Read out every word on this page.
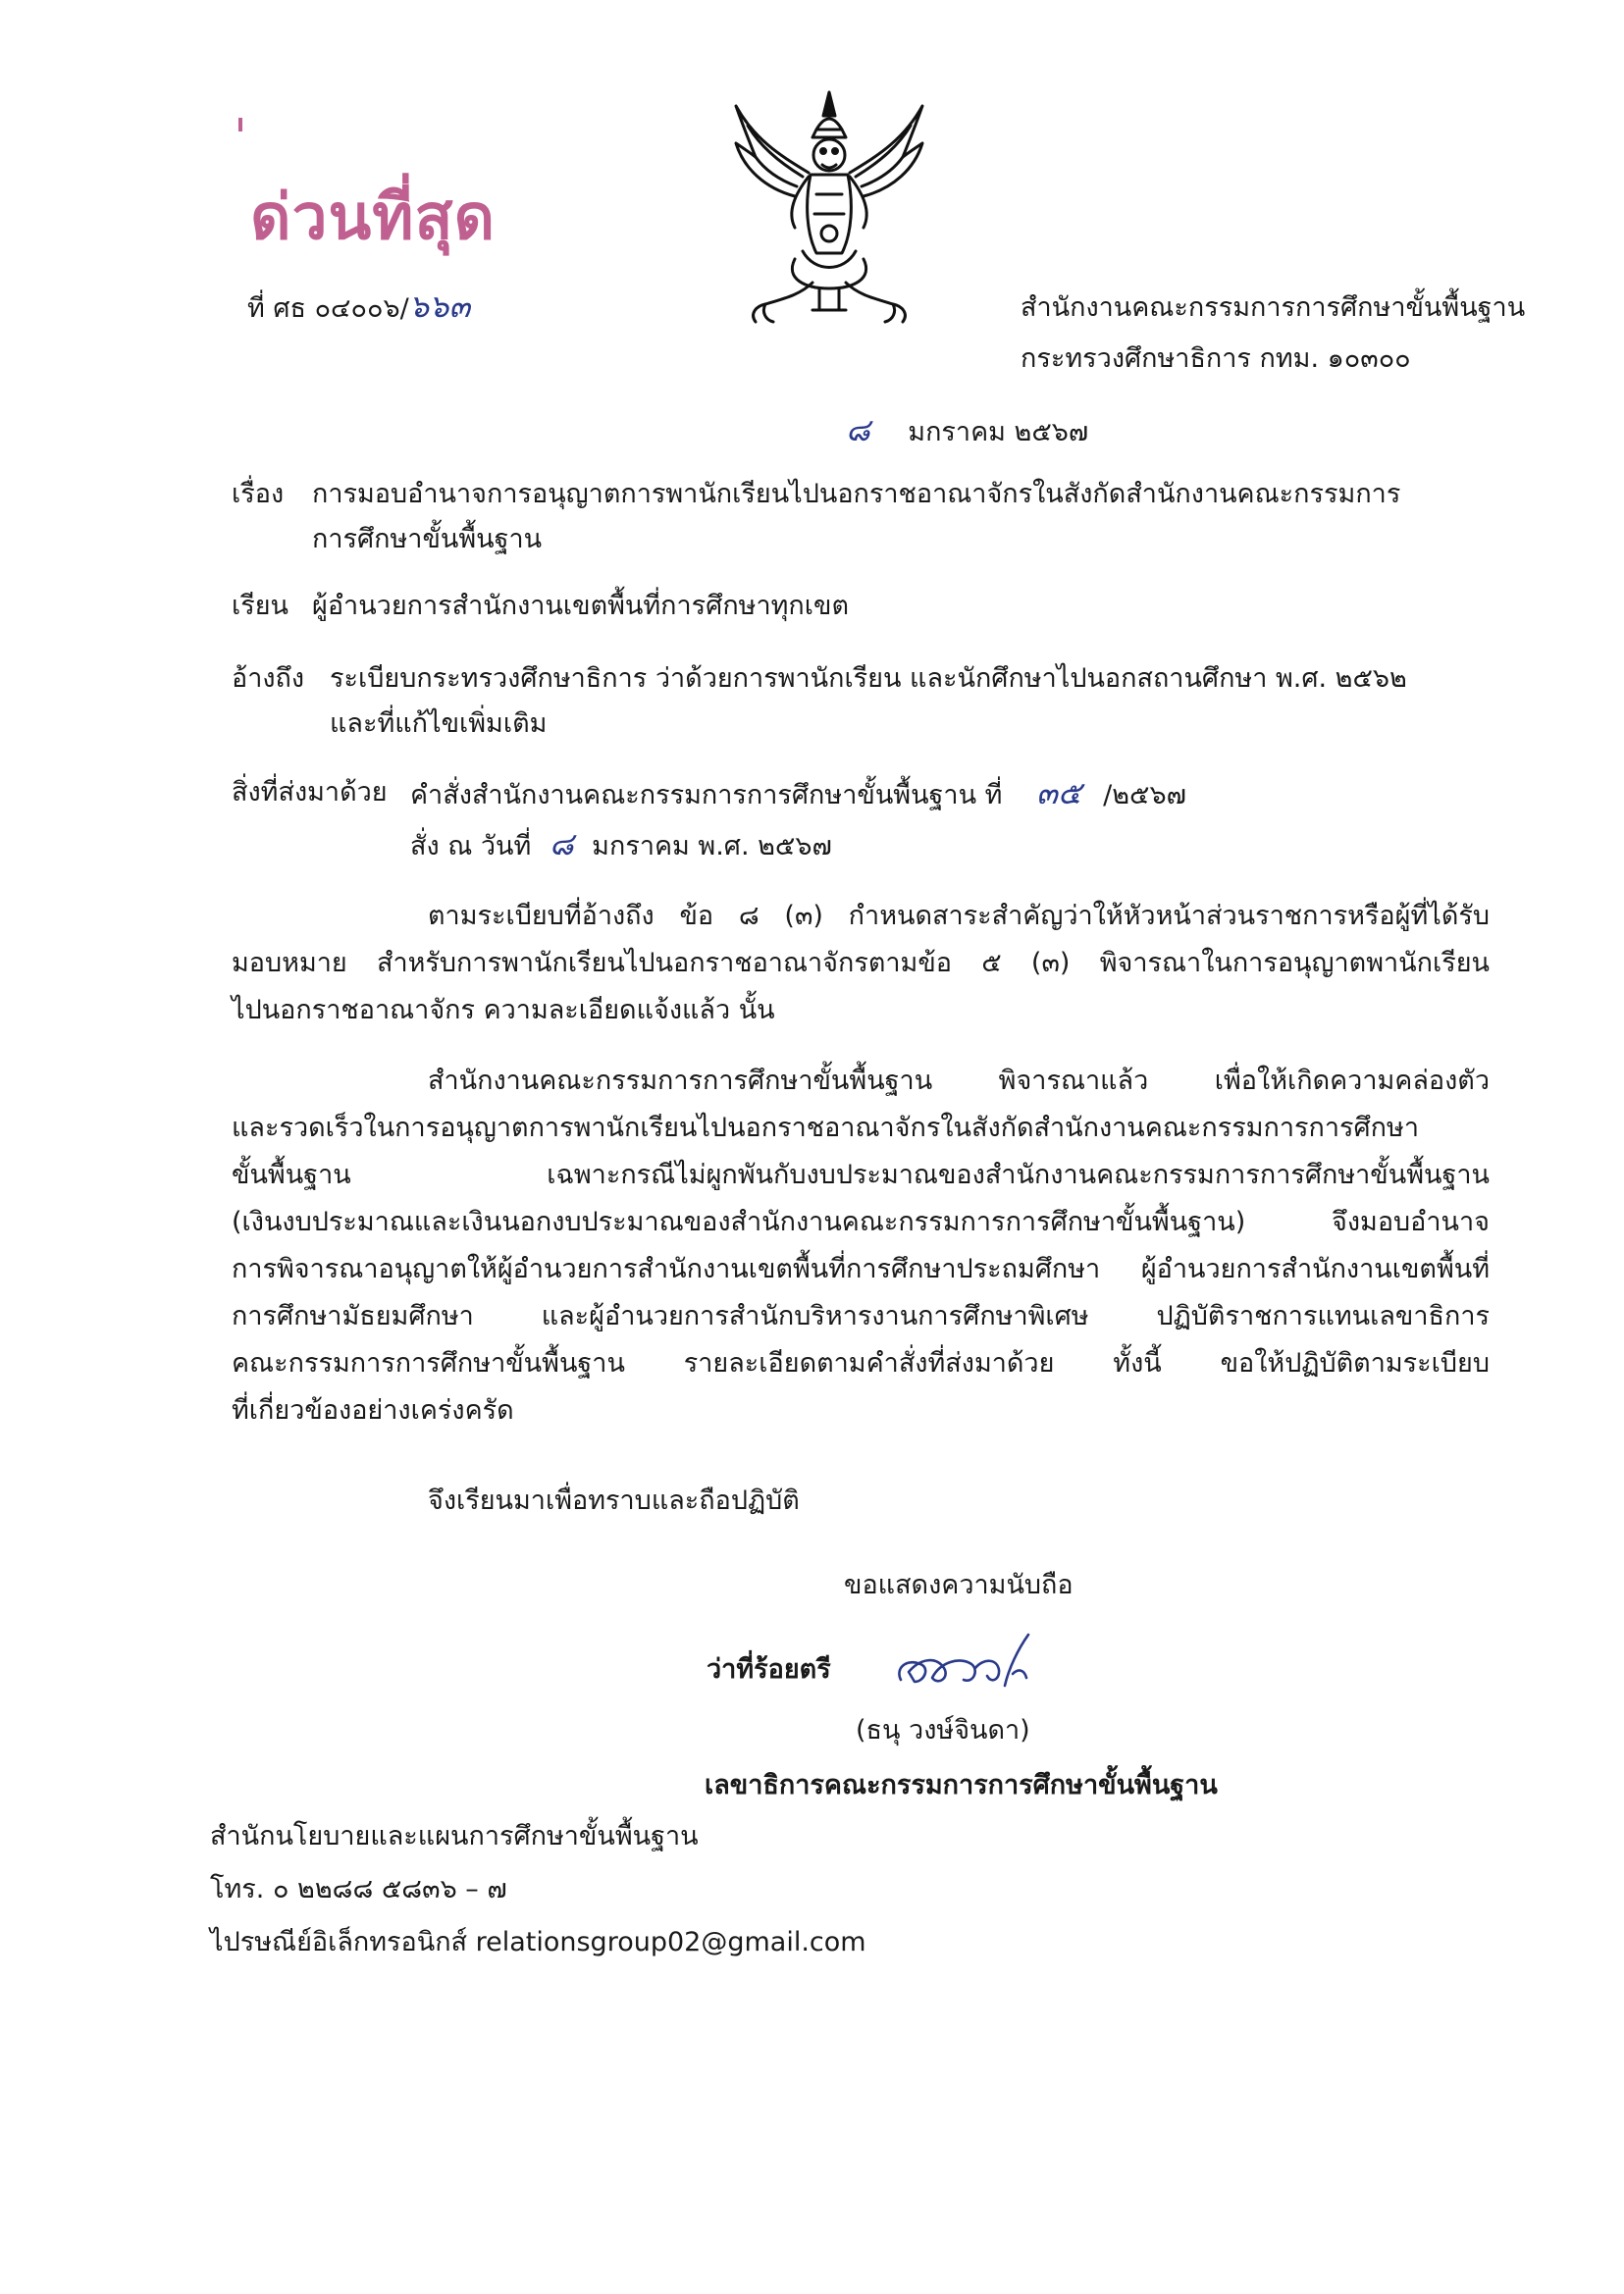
ด่วนที่สุด
ที่ ศธ ๐๔๐๐๖/๖๖๓	สำนักงานคณะกรรมการการศึกษาขั้นพื้นฐาน
กระทรวงศึกษาธิการ กทม. ๑๐๓๐๐
๘ มกราคม ๒๕๖๗
เรื่อง การมอบอำนาจการอนุญาตการพานักเรียนไปนอกราชอาณาจักรในสังกัดสำนักงานคณะกรรมการ
การศึกษาขั้นพื้นฐาน
เรียน ผู้อำนวยการสำนักงานเขตพื้นที่การศึกษาทุกเขต
อ้างถึง ระเบียบกระทรวงศึกษาธิการ ว่าด้วยการพานักเรียน และนักศึกษาไปนอกสถานศึกษา พ.ศ. ๒๕๖๒
และที่แก้ไขเพิ่มเติม
สิ่งที่ส่งมาด้วย คำสั่งสำนักงานคณะกรรมการการศึกษาขั้นพื้นฐาน ที่ ๓๕ /๒๕๖๗
สั่ง ณ วันที่ ๘ มกราคม พ.ศ. ๒๕๖๗
ตามระเบียบที่อ้างถึง ข้อ ๘ (๓) กำหนดสาระสำคัญว่าให้หัวหน้าส่วนราชการหรือผู้ที่ได้รับ
มอบหมาย สำหรับการพานักเรียนไปนอกราชอาณาจักรตามข้อ ๕ (๓) พิจารณาในการอนุญาตพานักเรียน
ไปนอกราชอาณาจักร ความละเอียดแจ้งแล้ว นั้น
สำนักงานคณะกรรมการการศึกษาขั้นพื้นฐาน พิจารณาแล้ว เพื่อให้เกิดความคล่องตัว
และรวดเร็วในการอนุญาตการพานักเรียนไปนอกราชอาณาจักรในสังกัดสำนักงานคณะกรรมการการศึกษา
ขั้นพื้นฐาน เฉพาะกรณีไม่ผูกพันกับงบประมาณของสำนักงานคณะกรรมการการศึกษาขั้นพื้นฐาน
(เงินงบประมาณและเงินนอกงบประมาณของสำนักงานคณะกรรมการการศึกษาขั้นพื้นฐาน) จึงมอบอำนาจ
การพิจารณาอนุญาตให้ผู้อำนวยการสำนักงานเขตพื้นที่การศึกษาประถมศึกษา ผู้อำนวยการสำนักงานเขตพื้นที่
การศึกษามัธยมศึกษา และผู้อำนวยการสำนักบริหารงานการศึกษาพิเศษ ปฏิบัติราชการแทนเลขาธิการ
คณะกรรมการการศึกษาขั้นพื้นฐาน รายละเอียดตามคำสั่งที่ส่งมาด้วย ทั้งนี้ ขอให้ปฏิบัติตามระเบียบ
ที่เกี่ยวข้องอย่างเคร่งครัด
จึงเรียนมาเพื่อทราบและถือปฏิบัติ
ขอแสดงความนับถือ
ว่าที่ร้อยตรี
(ธนุ วงษ์จินดา)
เลขาธิการคณะกรรมการการศึกษาขั้นพื้นฐาน
สำนักนโยบายและแผนการศึกษาขั้นพื้นฐาน
โทร. ๐ ๒๒๘๘ ๕๘๓๖ – ๗
ไปรษณีย์อิเล็กทรอนิกส์ relationsgroup02@gmail.com
